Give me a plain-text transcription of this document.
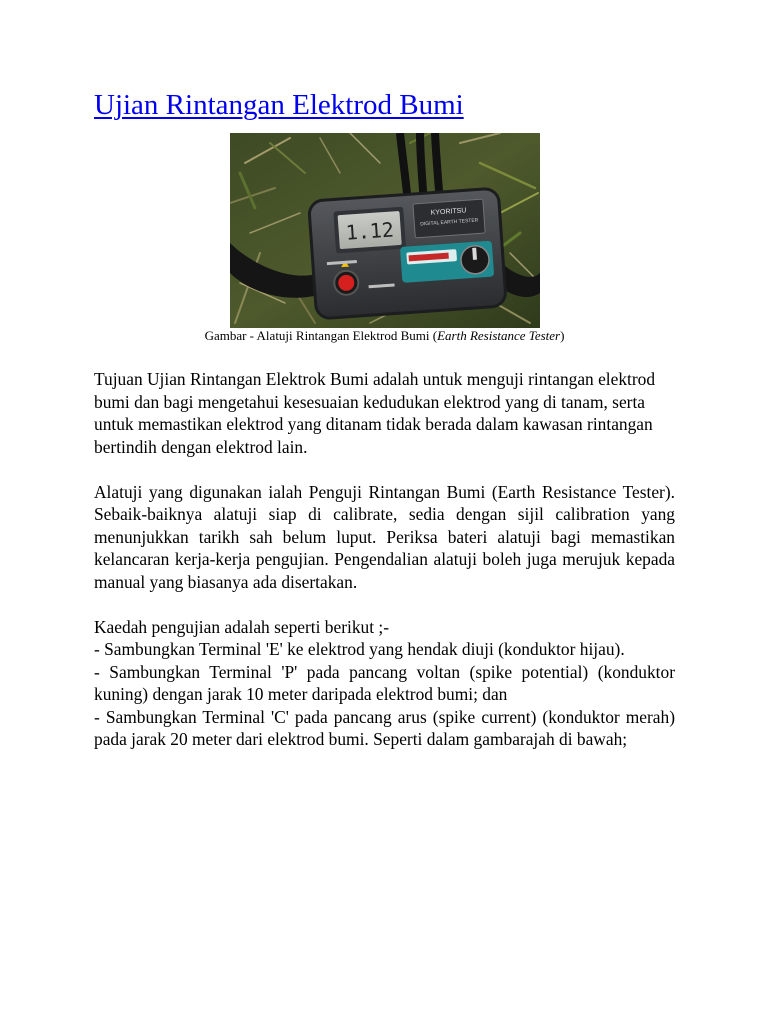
Ujian Rintangan Elektrod Bumi
1.12
KYORITSU
DIGITAL EARTH TESTER
Gambar - Alatuji Rintangan Elektrod Bumi (Earth Resistance Tester)

Tujuan Ujian Rintangan Elektrok Bumi adalah untuk menguji rintangan elektrod bumi dan bagi mengetahui kesesuaian kedudukan elektrod yang di tanam, serta untuk memastikan elektrod yang ditanam tidak berada dalam kawasan rintangan bertindih dengan elektrod lain.

Alatuji yang digunakan ialah Penguji Rintangan Bumi (Earth Resistance Tester). Sebaik-baiknya alatuji siap di calibrate, sedia dengan sijil calibration yang menunjukkan tarikh sah belum luput. Periksa bateri alatuji bagi memastikan kelancaran kerja-kerja pengujian. Pengendalian alatuji boleh juga merujuk kepada manual yang biasanya ada disertakan.

Kaedah pengujian adalah seperti berikut ;-

- Sambungkan Terminal 'E' ke elektrod yang hendak diuji (konduktor hijau).

- Sambungkan Terminal 'P' pada pancang voltan (spike potential) (konduktor kuning) dengan jarak 10 meter daripada elektrod bumi; dan

- Sambungkan Terminal 'C' pada pancang arus (spike current) (konduktor merah) pada jarak 20 meter dari elektrod bumi. Seperti dalam gambarajah di bawah;
